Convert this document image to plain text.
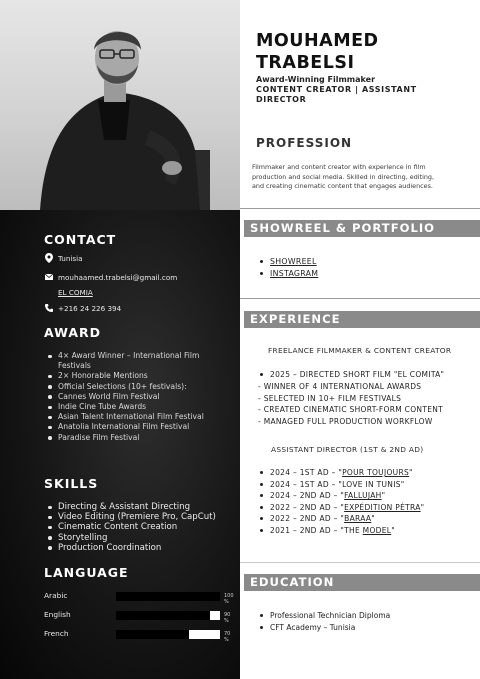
CONTACT
Tunisia
mouhaamed.trabelsi@gmail.com
EL COMIA
+216 24 226 394
AWARD
4× Award Winner – International Film Festivals
2× Honorable Mentions
Official Selections (10+ festivals):
Cannes World Film Festival
Indie Cine Tube Awards
Asian Talent International Film Festival
Anatolia International Film Festival
Paradise Film Festival
SKILLS
Directing & Assistant Directing
Video Editing (Premiere Pro, CapCut)
Cinematic Content Creation
Storytelling
Production Coordination
LANGUAGE
Arabic	100 %
English	90 %
French	70 %
MOUHAMED
TRABELSI
Award-Winning Filmmaker
CONTENT CREATOR | ASSISTANT
DIRECTOR
PROFESSION
Filmmaker and content creator with experience in film production and social media. Skilled in directing, editing, and creating cinematic content that engages audiences.
SHOWREEL & PORTFOLIO
SHOWREEL
INSTAGRAM
EXPERIENCE
FREELANCE FILMMAKER & CONTENT CREATOR
2025 – DIRECTED SHORT FILM "EL COMITA"
- WINNER OF 4 INTERNATIONAL AWARDS
- SELECTED IN 10+ FILM FESTIVALS
- CREATED CINEMATIC SHORT-FORM CONTENT
- MANAGED FULL PRODUCTION WORKFLOW
ASSISTANT DIRECTOR (1ST & 2ND AD)
2024 – 1ST AD – "POUR TOUJOURS"
2024 – 1ST AD – "LOVE IN TUNIS"
2024 – 2ND AD – "FALLUJAH"
2022 – 2ND AD – "EXPÉDITION PÉTRA"
2022 – 2ND AD – "BARAA"
2021 – 2ND AD – "THE MODEL"
EDUCATION
Professional Technician Diploma
CFT Academy – Tunisia
